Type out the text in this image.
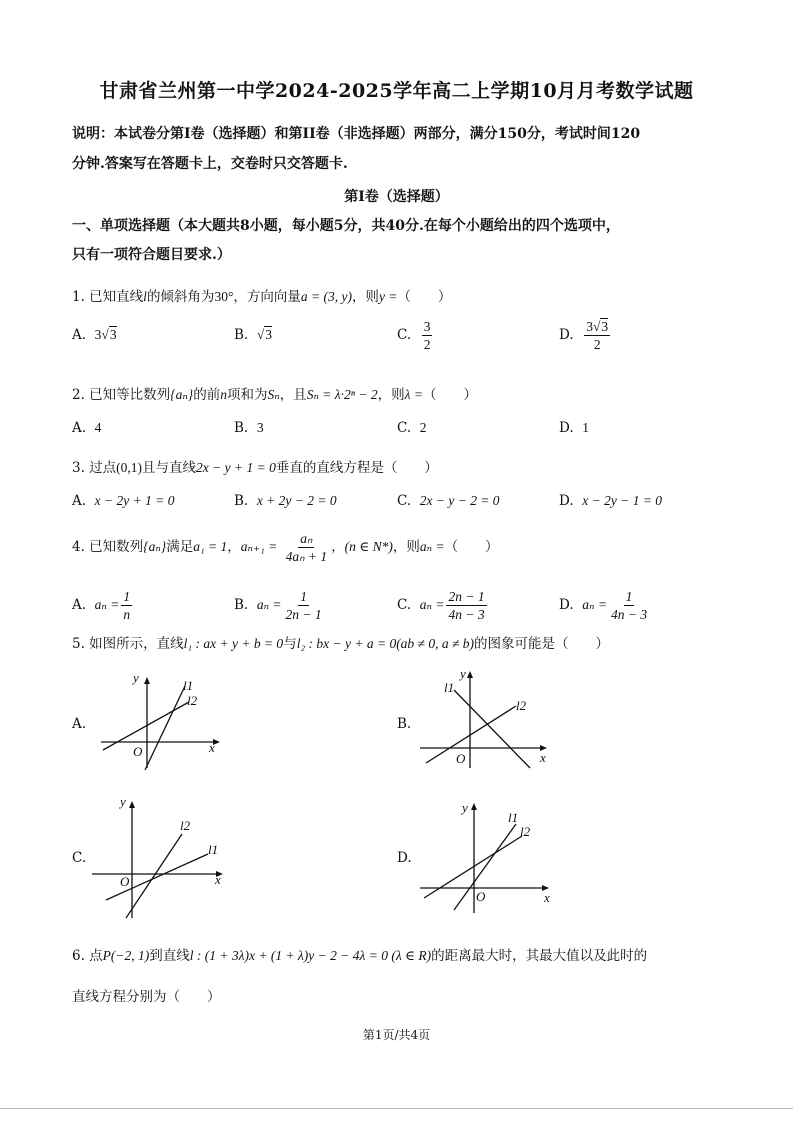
甘肃省兰州第一中学2024-2025学年高二上学期10月月考数学试题
说明：本试卷分第I卷（选择题）和第II卷（非选择题）两部分，满分150分，考试时间120
分钟.答案写在答题卡上，交卷时只交答题卡.
第I卷（选择题）
一、单项选择题（本大题共8小题，每小题5分，共40分.在每个小题给出的四个选项中，
只有一项符合题目要求.）
1. 已知直线l的倾斜角为30°，方向向量a = (3, y)，则y =（　　）
A. 3√3	B. √3	C. $\frac{3}{2}$	D. $\frac{3√3}{2}$
2. 已知等比数列{aₙ}的前n项和为Sₙ，且Sₙ = λ·2ⁿ − 2，则λ =（　　）
A. 4	B. 3	C. 2	D. 1
3. 过点(0,1)且与直线2x − y + 1 = 0垂直的直线方程是（　　）
A. x − 2y + 1 = 0	B. x + 2y − 2 = 0	C. 2x − y − 2 = 0	D. x − 2y − 1 = 0
4. 已知数列{aₙ}满足a₁ = 1，$a_{n+1} = \frac{\text{aₙ}}{\text{4aₙ + 1}}$ ，(n ∈ N*)，则aₙ =（　　）
A. $a_n = \frac{1}{n}$	B. $a_n = \frac{1}{2n - 1}$	C. $a_n = \frac{2n - 1}{4n - 3}$	D. $a_n = \frac{1}{4n - 3}$
5. 如图所示，直线l₁ : ax + y + b = 0与l₂ : bx − y + a = 0(ab ≠ 0, a ≠ b)的图象可能是（　　）
A.	B.
C.	D.
y
x
O
l1
l2
y
x
O
l1
l2
y
x
O
l1
l2
y
x
O
l1
l2
6. 点P(−2, 1)到直线l : (1 + 3λ)x + (1 + λ)y − 2 − 4λ = 0 (λ ∈ R)的距离最大时，其最大值以及此时的
直线方程分别为（　　）
第1页/共4页
